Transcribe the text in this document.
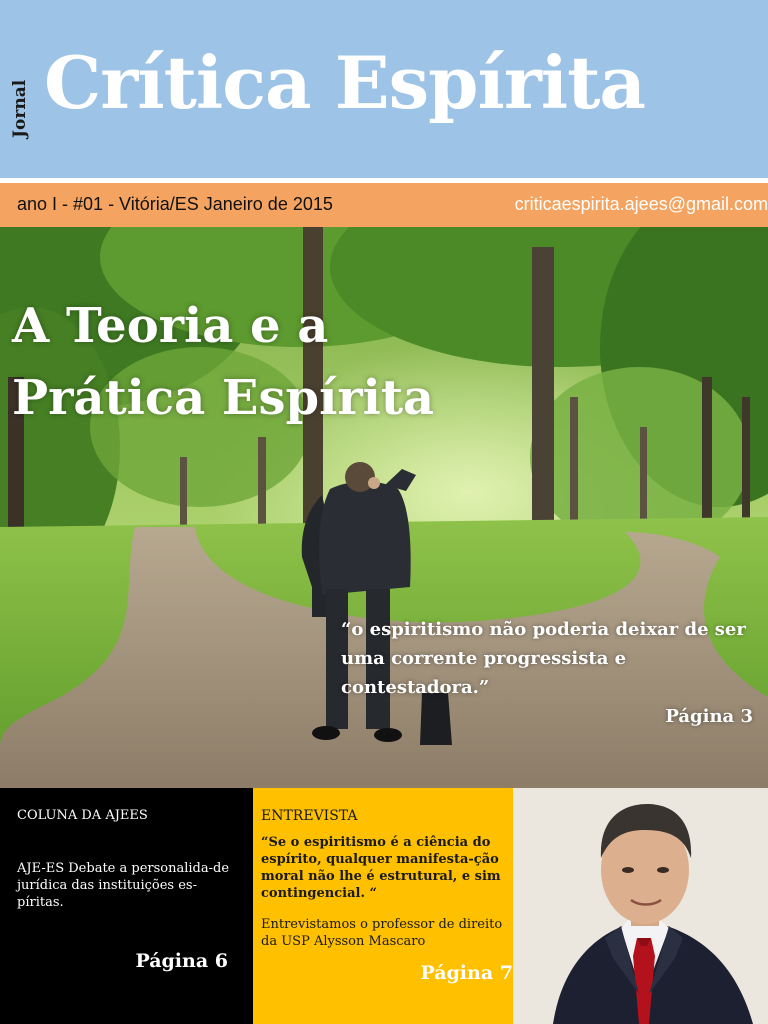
Jornal Crítica Espírita
ano I - #01 - Vitória/ES Janeiro de 2015	criticaespirita.ajees@gmail.com
A Teoria e a
Prática Espírita
“o espiritismo não poderia deixar de ser uma corrente progressista e contestadora.”
Página 3
COLUNA DA AJEES
AJE-ES Debate a personalida-de jurídica das instituições es-píritas.
Página 6
ENTREVISTA
“Se o espiritismo é a ciência do espírito, qualquer manifesta-ção moral não lhe é estrutural, e sim contingencial. “
Entrevistamos o professor de direito da USP Alysson Mascaro
Página 7
